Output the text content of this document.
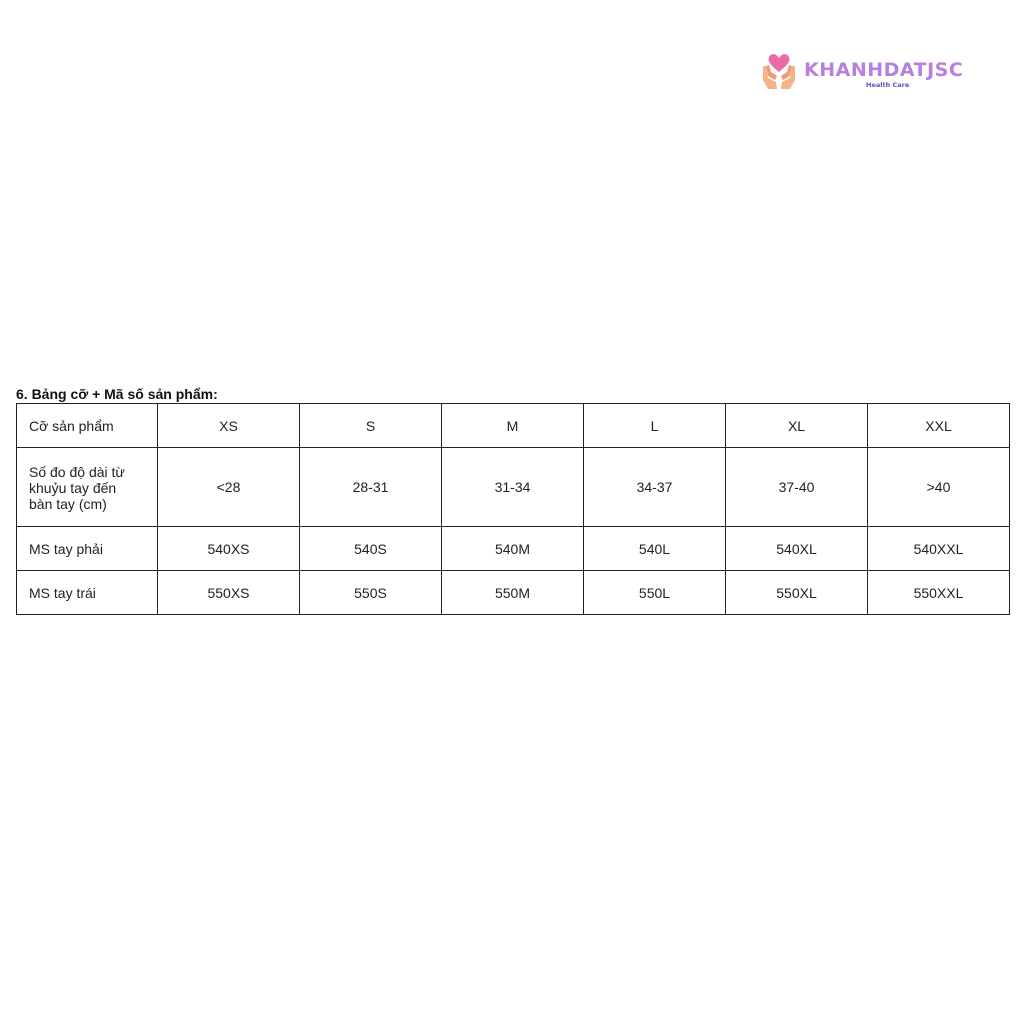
KHANHDATJSC
Health Care
6. Bảng cỡ + Mã số sản phẩm:
Cỡ sản phẩm	XS	S	M	L	XL	XXL

Số đo độ dài từ
khuỷu tay đến
bàn tay (cm)	<28	28-31	31-34	34-37	37-40	>40
MS tay phải	540XS	540S	540M	540L	540XL	540XXL
MS tay trái	550XS	550S	550M	550L	550XL	550XXL
